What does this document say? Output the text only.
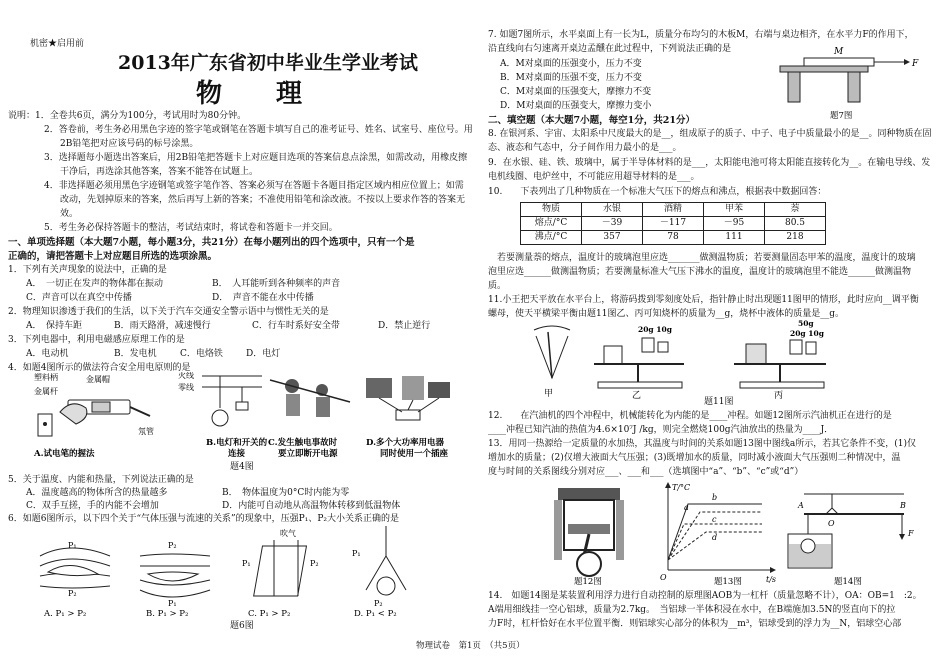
机密★启用前
2013年广东省初中毕业生学业考试
物　理
说明：1．全卷共6页，满分为100分，考试用时为80分钟。
2．答卷前，考生务必用黑色字迹的签字笔或钢笔在答题卡填写自己的准考证号、姓名、试室号、座位号。用
2B铅笔把对应该号码的标号涂黑。
3．选择题每小题选出答案后，用2B铅笔把答题卡上对应题目选项的答案信息点涂黑，如需改动，用橡皮擦
干净后，再选涂其他答案，答案不能答在试题上。
4．非选择题必须用黑色字迹钢笔或签字笔作答、答案必须写在答题卡各题目指定区域内相应位置上；如需
改动，先划掉原来的答案，然后再写上新的答案；不准使用铅笔和涂改液。不按以上要求作答的答案无
效。
5．考生务必保持答题卡的整洁，考试结束时，将试卷和答题卡一并交回。
一、单项选择题（本大题7小题，每小题3分，共21分）在每小题列出的四个选项中，只有一个是
正确的，请把答题卡上对应题目所选的选项涂黑。
1．下列有关声现象的说法中，正确的是
A．　一切正在发声的物体都在振动	B．　人耳能听到各种频率的声音
C．声音可以在真空中传播	D．　声音不能在水中传播
2．物理知识渗透于我们的生活，以下关于汽车交通安全警示语中与惯性无关的是
A．　保持车距	B．雨天路滑，减速慢行	C．行车时系好安全带	D．禁止逆行
3．下列电器中，利用电磁感应原理工作的是
A．电动机	B．发电机	C．电烙铁	D．电灯
4．如题4图所示的做法符合安全用电原则的是
塑料柄	金属帽
金属杆
氖管
A.试电笔的握法
火线
零线
B.电灯和开关的
连接
C.发生触电事故时
要立即断开电源
D.多个大功率用电器
同时使用一个插座
题4图
5．关于温度、内能和热量，下列说法正确的是
A．温度越高的物体所含的热量越多	B．　物体温度为0°C时内能为零
C．双手互搓，手的内能不会增加	D．内能可自动地从高温物体转移到低温物体
6．如题6图所示，以下四个关于“气体压强与流速的关系”的现象中，压强P₁、P₂大小关系正确的是
P₁
P₂
A. P₁ > P₂
P₂
P₁
B. P₁ > P₂
吹气
P₁	P₂
C. P₁ > P₂
P₁
P₂
D. P₁ < P₂
题6图
7. 如题7图所示，水平桌面上有一长为L，质量分布均匀的木板M，右端与桌边相齐，在水平力F的作用下，
沿直线向右匀速离开桌边孟醺在此过程中，下列说法正确的是
A．M对桌面的压强变小，压力不变
B．M对桌面的压强不变，压力不变
C．M对桌面的压强变大，摩擦力不变
D．M对桌面的压强变大，摩擦力变小
M
F
题7图
二、填空题（本大题7小题，每空1分，共21分）
8. 在银河系、宇宙、太阳系中尺度最大的是__，组成原子的质子、中子、电子中质量最小的是__。同种物质在固
态、液态和气态中，分子间作用力最小的是___。
9．在水银、硅、铁、玻璃中，属于半导体材料的是___，太阳能电池可将太阳能直接转化为__。在输电导线、发
电机线圈、电炉丝中，不可能应用超导材料的是___。
10.　　下表列出了几种物质在一个标准大气压下的熔点和沸点，根据表中数据回答：
物质	水银	酒精	甲苯	萘
熔点/°C	－39	－117	－95	80.5
沸点/°C	357	78	111	218
　若要测量萘的熔点，温度计的玻璃泡里应选_______做测温物质；若要测量固态甲苯的温度，温度计的玻璃
泡里应选______做测温物质；若要测量标准大气压下沸水的温度，温度计的玻璃泡里不能选______做测温物
质。
11.小王把天平放在水平台上，将游码拨到零刻度处后，指针静止时出现题11图甲的情形，此时应向__调平衡
螺母，使天平横梁平衡由题11图乙、丙可知烧杯的质量为__g，烧杯中液体的质量是__g。
甲
20g 10g
乙
50g
20g 10g
丙
题11图
12.　　在汽油机的四个冲程中，机械能转化为内能的是____冲程。如题12图所示汽油机正在进行的是
____冲程已知汽油的热值为4.6×10⁷J /kg，则完全燃烧100g汽油放出的热量为____J．
13．用同一热源给一定质量的水加热，其温度与时间的关系如题13图中图线a所示，若其它条件不变，(1)仅
增加水的质量；(2)仅增大液面大气压强；(3)既增加水的质量，同时减小液面大气压强则二种情况中，温
度与时间的关系图线分别对应___、___和___（选填图中“a”、“b”、“c”或“d”）
题12图
T/°C
t/s
O
b
a
c
d
题13图
A
O
B
F
题14图
14.　如题14图是某装置利用浮力进行自动控制的原理图AOB为一杠杆（质量忽略不计），OA：OB=1　:2。
A端用细线挂一空心铝球，质量为2.7kg。　当铝球一半体积浸在水中，在B端施加3.5N的竖直向下的拉
力F时，杠杆恰好在水平位置平衡．则铝球实心部分的体积为__m³，铝球受到的浮力为__N，铝球空心部
物理试卷　第1页　（共5页）
